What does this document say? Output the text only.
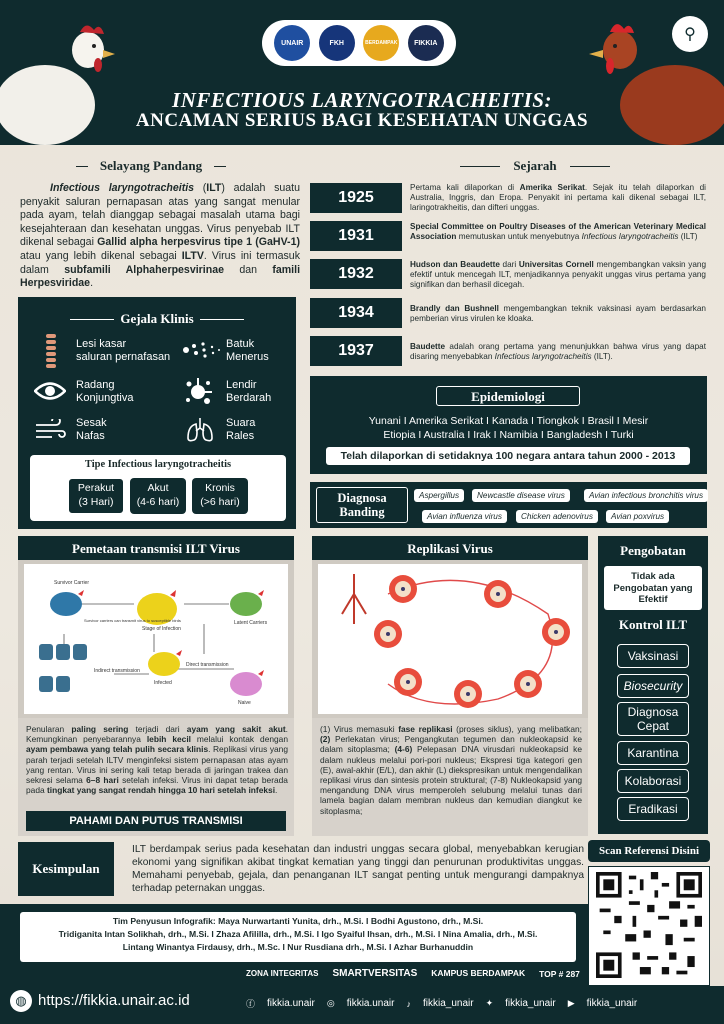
UNAIR	FKH	BERDAMPAK	FIKKIA	⚲
INFECTIOUS LARYNGOTRACHEITIS:
ANCAMAN SERIUS BAGI KESEHATAN UNGGAS
Selayang Pandang
Infectious laryngotracheitis (ILT) adalah suatu penyakit saluran pernapasan atas yang sangat menular pada ayam, telah dianggap sebagai masalah utama bagi kesejahteraan dan kesehatan unggas. Virus penyebab ILT dikenal sebagai Gallid alpha herpesvirus tipe 1 (GaHV-1) atau yang lebih dikenal sebagai ILTV. Virus ini termasuk dalam subfamili Alphaherpesvirinae dan famili Herpesviridae.
Gejala Klinis
Lesi kasar
saluran pernafasan
Batuk
Menerus
Radang
Konjungtiva
Lendir
Berdarah
Sesak
Nafas
Suara
Rales
Tipe Infectious laryngotracheitis
Perakut
(3 Hari)
Akut
(4-6 hari)
Kronis
(>6 hari)
Sejarah
1925
Pertama kali dilaporkan di Amerika Serikat. Sejak itu telah dilaporkan di Australia, Inggris, dan Eropa. Penyakit ini pertama kali dikenal sebagai ILT, laringotrakheitis, dan difteri unggas.
1931
Special Committee on Poultry Diseases of the American Veterinary Medical Association memutuskan untuk menyebutnya Infectious laryngotracheitis (ILT)
1932
Hudson dan Beaudette dari Universitas Cornell mengembangkan vaksin yang efektif untuk mencegah ILT, menjadikannya penyakit unggas virus pertama yang signifikan dan berhasil dicegah.
1934	Brandly dan Bushnell mengembangkan teknik vaksinasi ayam berdasarkan pemberian virus virulen ke kloaka.
1937	Baudette adalah orang pertama yang menunjukkan bahwa virus yang dapat disaring menyebabkan Infectious laryngotracheitis (ILT).
Epidemiologi
Yunani I Amerika Serikat I Kanada I Tiongkok I Brasil I Mesir
Etiopia I Australia I Irak I Namibia I Bangladesh I Turki
Telah dilaporkan di setidaknya 100 negara antara tahun 2000 - 2013
Diagnosa Banding
Aspergillus	Newcastle disease virus	Avian infectious bronchitis virus
Avian influenza virus	Chicken adenovirus	Avian poxvirus
Pemetaan transmisi ILT Virus
Survivor Carrier
Stage of Infection
Latent Carriers
Infected
Naive
Indirect transmission
Direct transmission
Survivor carriers can transmit virus to susceptible birds
Penularan paling sering terjadi dari ayam yang sakit akut. Kemungkinan penyebarannya lebih kecil melalui kontak dengan ayam pembawa yang telah pulih secara klinis. Replikasi virus yang parah terjadi setelah ILTV menginfeksi sistem pernapasan atas ayam yang rentan. Virus ini sering kali tetap berada di jaringan trakea dan sekresi selama 6–8 hari setelah infeksi. Virus ini dapat tetap berada pada tingkat yang sangat rendah hingga 10 hari setelah infeksi.
PAHAMI DAN PUTUS TRANSMISI
Replikasi Virus
(1) Virus memasuki fase replikasi (proses siklus), yang melibatkan; (2) Perlekatan virus; Pengangkutan tegumen dan nukleokapsid ke dalam sitoplasma; (4-6) Pelepasan DNA virusdari nukleokapsid ke dalam nukleus melalui pori-pori nukleus; Ekspresi tiga kategori gen (E), awal-akhir (E/L), dan akhir (L) diekspresikan untuk mengendalikan replikasi virus dan sintesis protein struktural; (7-8) Nukleokapsid yang mengandung DNA virus memperoleh selubung melalui tunas dari lamela bagian dalam membran nukleus dan kemudian diangkut ke sitoplasma;
Pengobatan
Tidak ada Pengobatan yang Efektif
Kontrol ILT
Vaksinasi
Biosecurity
Diagnosa Cepat
Karantina
Kolaborasi
Eradikasi
Kesimpulan
ILT berdampak serius pada kesehatan dan industri unggas secara global, menyebabkan kerugian ekonomi yang signifikan akibat tingkat kematian yang tinggi dan penurunan produktivitas unggas. Memahami penyebab, gejala, dan penanganan ILT sangat penting untuk mengurangi dampaknya terhadap peternakan unggas.
Scan Referensi Disini
Tim Penyusun Infografik: Maya Nurwartanti Yunita, drh., M.Si. I Bodhi Agustono, drh., M.Si.
Tridiganita Intan Solikhah, drh., M.Si. I Zhaza Afililla, drh., M.Si. I Igo Syaiful Ihsan, drh., M.Si. I Nina Amalia, drh., M.Si.
Lintang Winantya Firdausy, drh., M.Sc. I Nur Rusdiana drh., M.Si. I Azhar Burhanuddin
ZONA INTEGRITAS SMARTVERSITAS KAMPUS BERDAMPAK TOP # 287
◍ https://fikkia.unair.ac.id	ⓕ fikkia.unair ◎ fikkia.unair ♪ fikkia_unair ✦ fikkia_unair ▶ fikkia_unair
